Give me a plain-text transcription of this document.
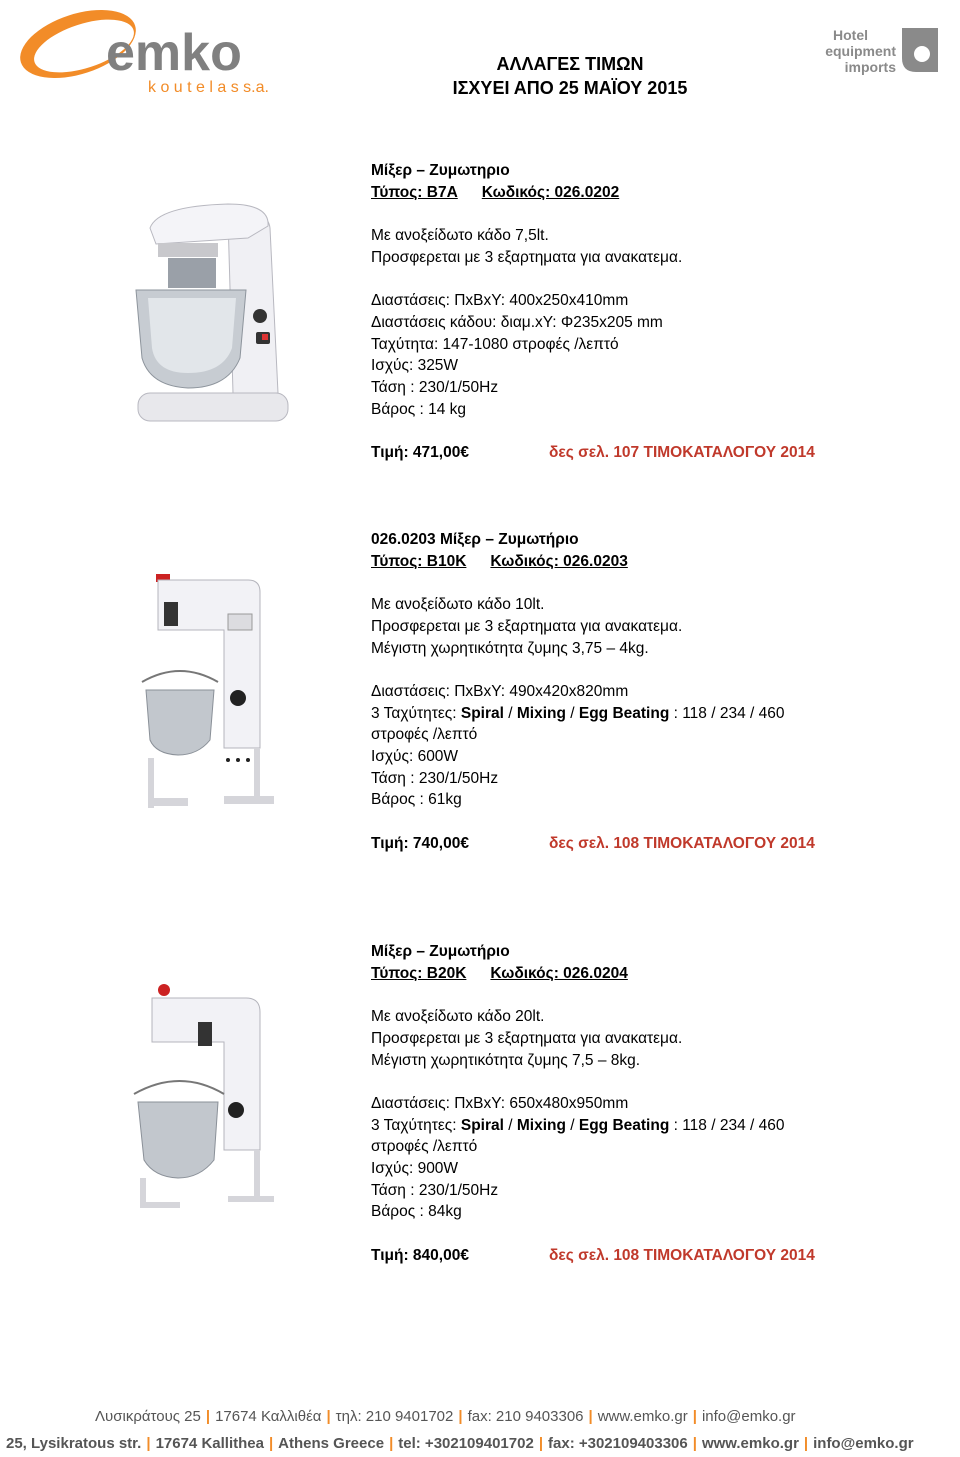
emko
k o u t e l a s s.a.
Hotel
equipment
imports
ΑΛΛΑΓΕΣ ΤΙΜΩΝ
ΙΣΧΥΕΙ ΑΠΟ 25 ΜΑΪΟΥ 2015
Μίξερ – Ζυμωτηριο
Τύπος: B7A Κωδικός: 026.0202
Με ανοξείδωτο κάδο 7,5lt.
Προσφερεται με 3 εξαρτηματα για ανακατεμα.
Διαστάσεις: ΠxBxY: 400x250x410mm
Διαστάσεις κάδου: διαμ.xY: Φ235x205 mm
Ταχύτητα: 147-1080 στροφές /λεπτό
Ισχύς: 325W
Τάση : 230/1/50Hz
Βάρος : 14 kg
Τιμή: 471,00€	δες σελ. 107 ΤΙΜΟΚΑΤΑΛΟΓΟΥ 2014
026.0203 Μίξερ – Ζυμωτήριο
Τύπος: B10K Κωδικός: 026.0203
Με ανοξείδωτο κάδο 10lt.
Προσφερεται με 3 εξαρτηματα για ανακατεμα.
Μέγιστη χωρητικότητα ζυμης 3,75 – 4kg.
Διαστάσεις: ΠxBxY: 490x420x820mm
3 Ταχύτητες: Spiral / Mixing / Egg Beating : 118 / 234 / 460
στροφές /λεπτό
Ισχύς: 600W
Τάση : 230/1/50Hz
Βάρος : 61kg
Τιμή: 740,00€	δες σελ. 108 ΤΙΜΟΚΑΤΑΛΟΓΟΥ 2014
Μίξερ – Ζυμωτήριο
Τύπος: B20K Κωδικός: 026.0204
Με ανοξείδωτο κάδο 20lt.
Προσφερεται με 3 εξαρτηματα για ανακατεμα.
Μέγιστη χωρητικότητα ζυμης 7,5 – 8kg.
Διαστάσεις: ΠxBxY: 650x480x950mm
3 Ταχύτητες: Spiral / Mixing / Egg Beating : 118 / 234 / 460
στροφές /λεπτό
Ισχύς: 900W
Τάση : 230/1/50Hz
Βάρος : 84kg
Τιμή: 840,00€	δες σελ. 108 ΤΙΜΟΚΑΤΑΛΟΓΟΥ 2014
Λυσικράτους 25 | 17674 Καλλιθέα | τηλ: 210 9401702 | fax: 210 9403306 | www.emko.gr | info@emko.gr
25, Lysikratous str. | 17674 Kallithea | Athens Greece | tel: +302109401702 | fax: +302109403306 | www.emko.gr | info@emko.gr
